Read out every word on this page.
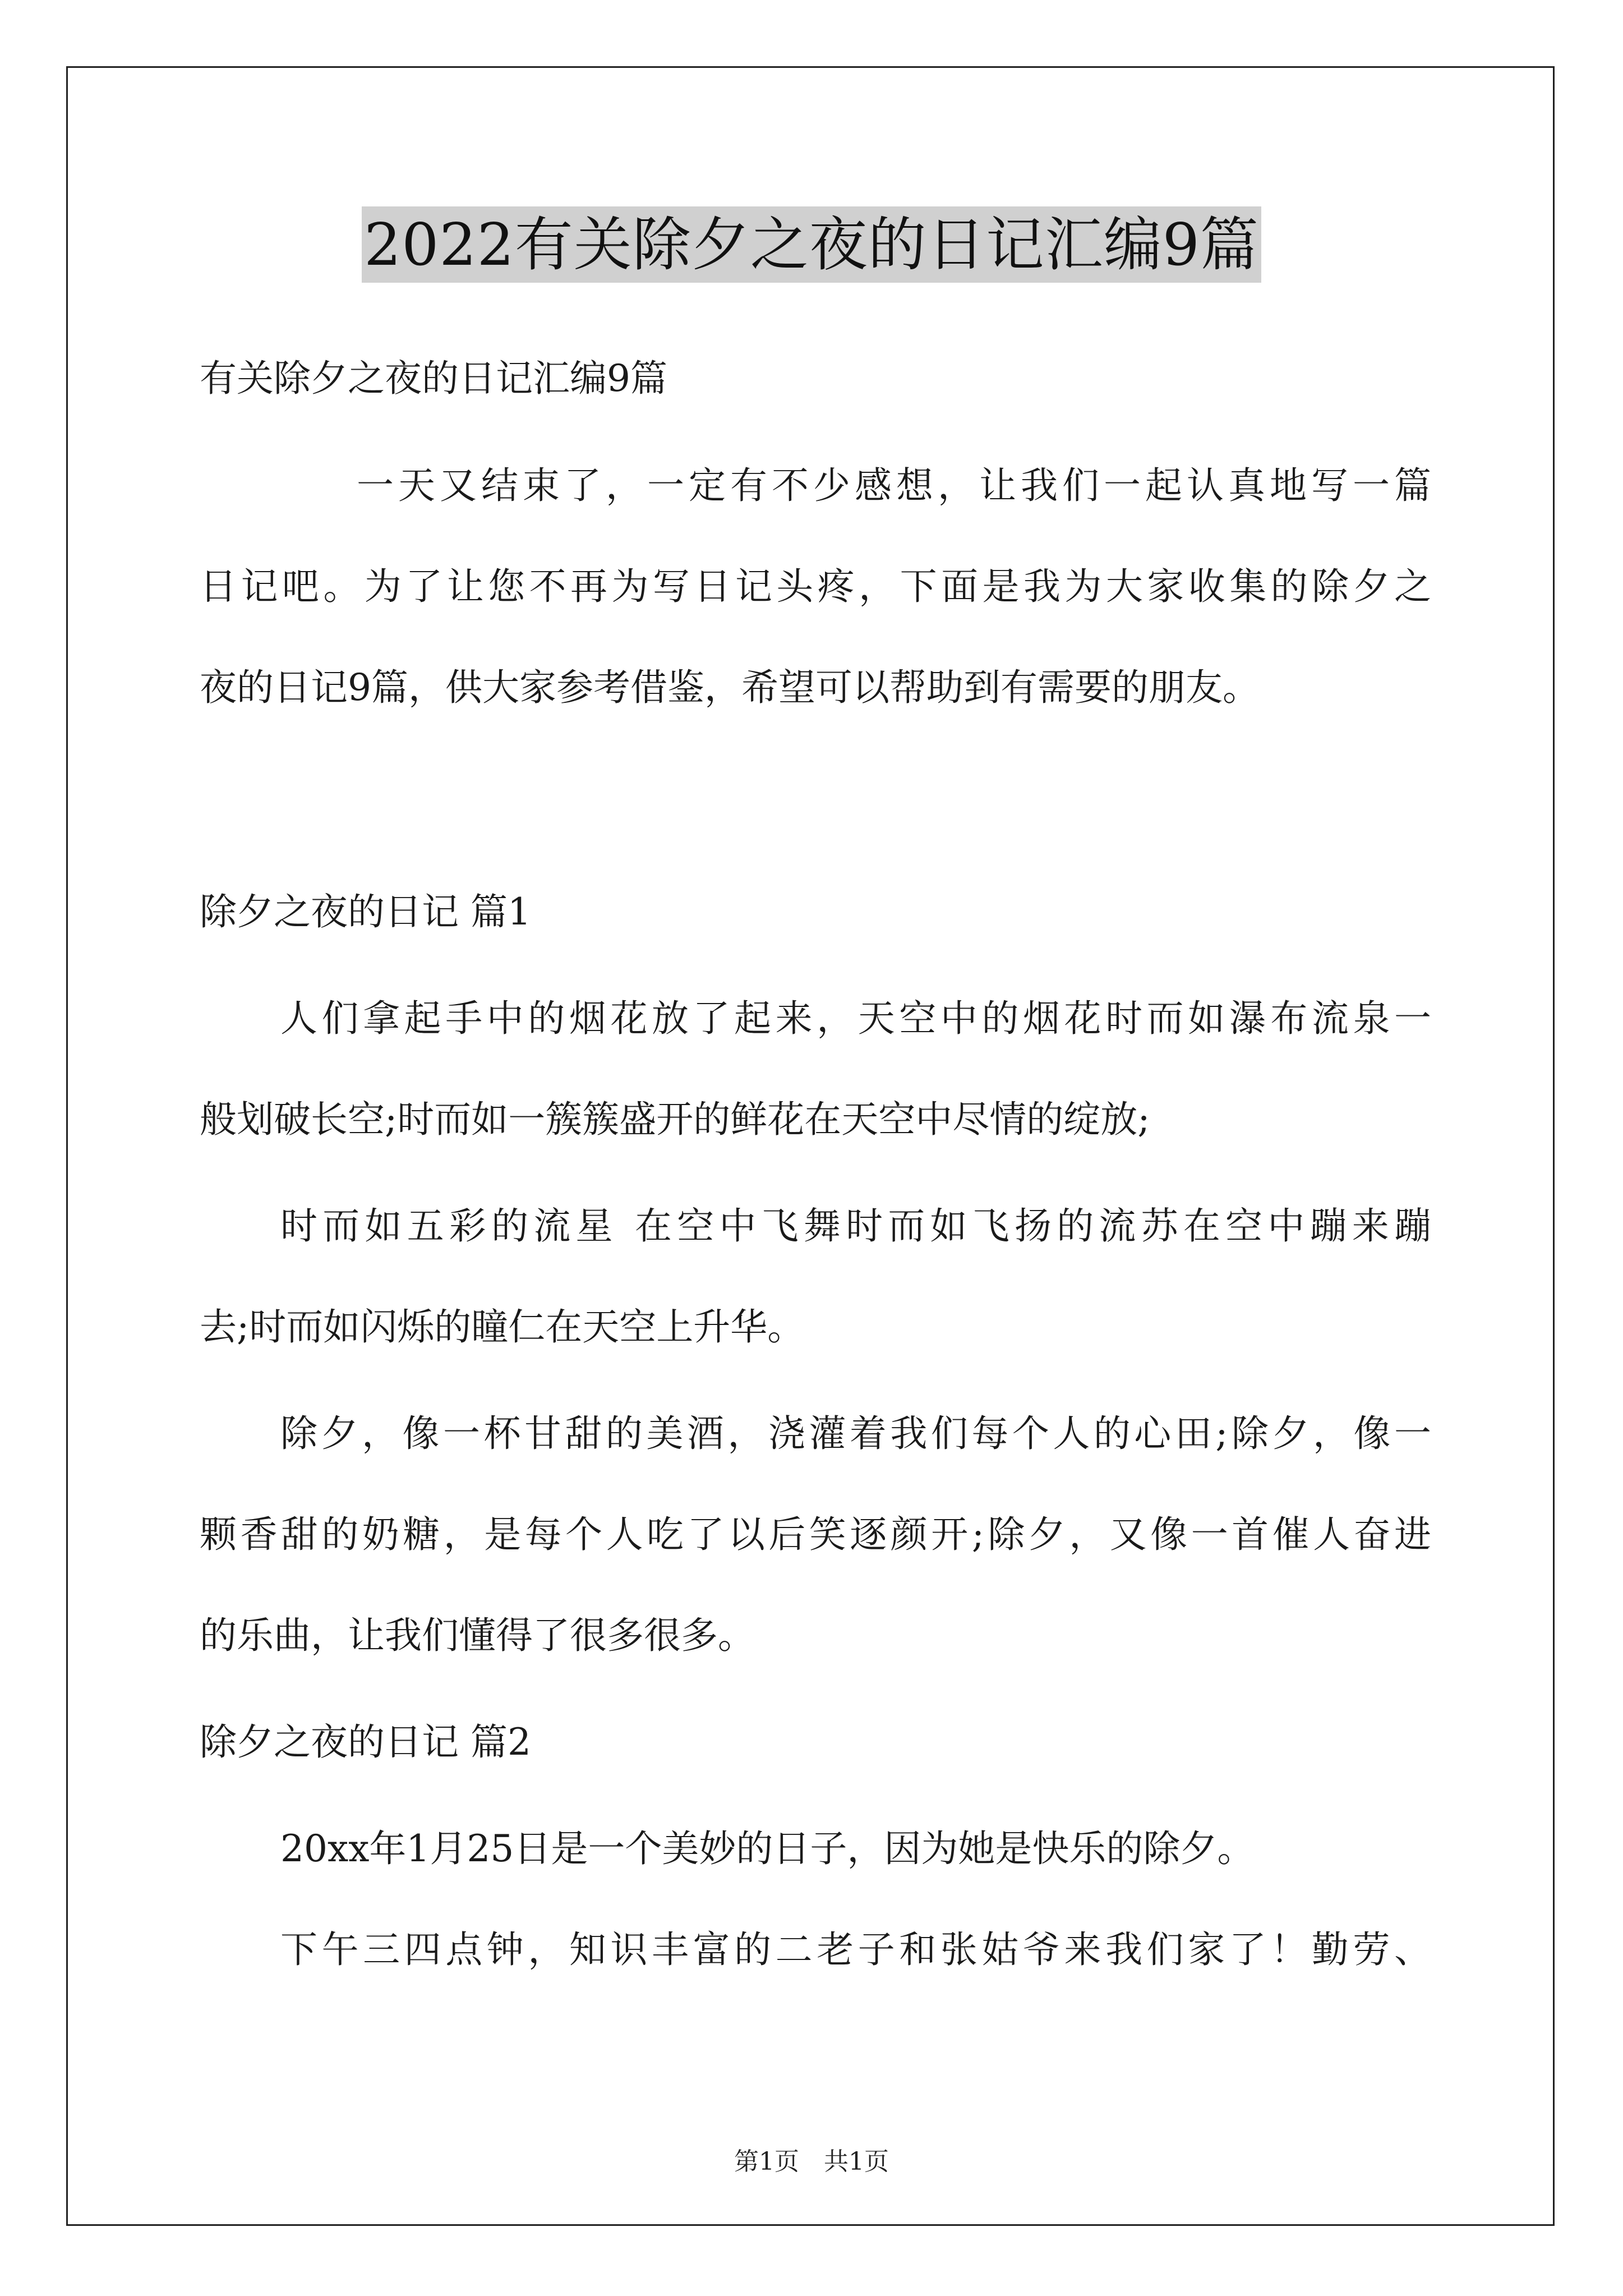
2022有关除夕之夜的日记汇编9篇

有关除夕之夜的日记汇编9篇

一天又结束了，一定有不少感想，让我们一起认真地写一篇

日记吧。为了让您不再为写日记头疼，下面是我为大家收集的除夕之

夜的日记9篇，供大家参考借鉴，希望可以帮助到有需要的朋友。

除夕之夜的日记 篇1

人们拿起手中的烟花放了起来，天空中的烟花时而如瀑布流泉一

般划破长空;时而如一簇簇盛开的鲜花在天空中尽情的绽放;

时而如五彩的流星 在空中飞舞时而如飞扬的流苏在空中蹦来蹦

去;时而如闪烁的瞳仁在天空上升华。

除夕，像一杯甘甜的美酒，浇灌着我们每个人的心田;除夕，像一

颗香甜的奶糖，是每个人吃了以后笑逐颜开;除夕，又像一首催人奋进

的乐曲，让我们懂得了很多很多。

除夕之夜的日记 篇2

20xx年1月25日是一个美妙的日子，因为她是快乐的除夕。

下午三四点钟，知识丰富的二老子和张姑爷来我们家了！勤劳、

第1页　共1页
